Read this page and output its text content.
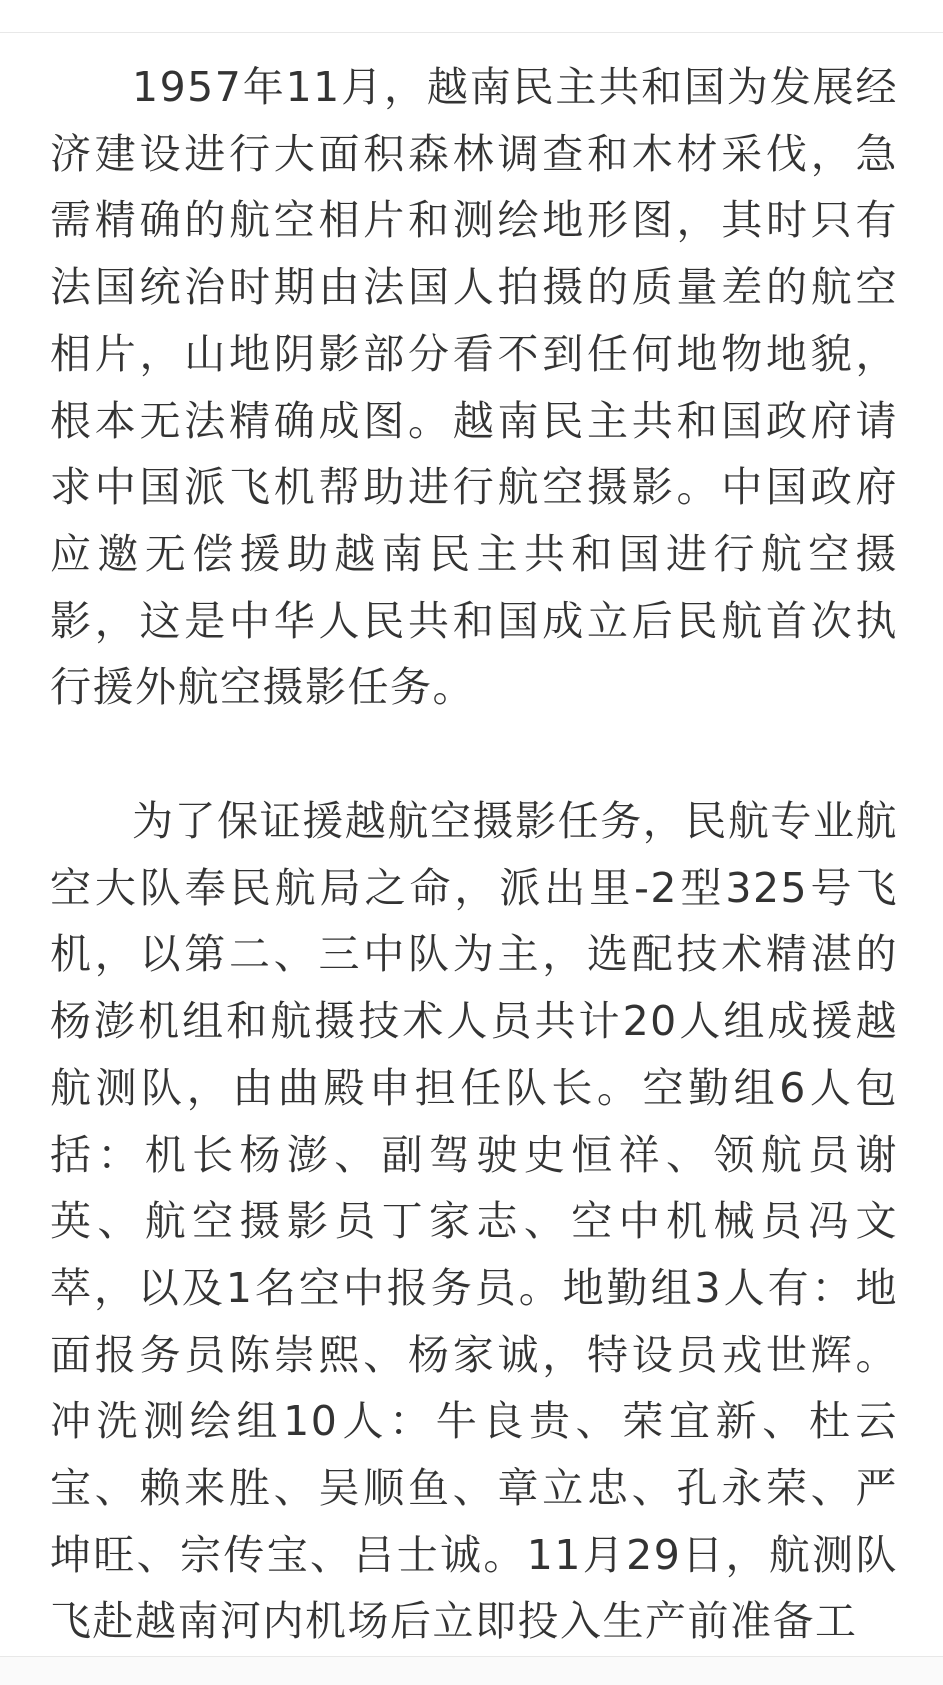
1957年11月，越南民主共和国为发展经济建设进行大面积森林调查和木材采伐，急需精确的航空相片和测绘地形图，其时只有法国统治时期由法国人拍摄的质量差的航空相片，山地阴影部分看不到任何地物地貌，根本无法精确成图。越南民主共和国政府请求中国派飞机帮助进行航空摄影。中国政府应邀无偿援助越南民主共和国进行航空摄影，这是中华人民共和国成立后民航首次执行援外航空摄影任务。

为了保证援越航空摄影任务，民航专业航空大队奉民航局之命，派出里-2型325号飞机，以第二、三中队为主，选配技术精湛的杨澎机组和航摄技术人员共计20人组成援越航测队，由曲殿申担任队长。空勤组6人包括：机长杨澎、副驾驶史恒祥、领航员谢英、航空摄影员丁家志、空中机械员冯文萃，以及1名空中报务员。地勤组3人有：地面报务员陈崇熙、杨家诚，特设员戎世辉。冲洗测绘组10人：牛良贵、荣宜新、杜云宝、赖来胜、吴顺鱼、章立忠、孔永荣、严坤旺、宗传宝、吕士诚。11月29日，航测队飞赴越南河内机场后立即投入生产前准备工
